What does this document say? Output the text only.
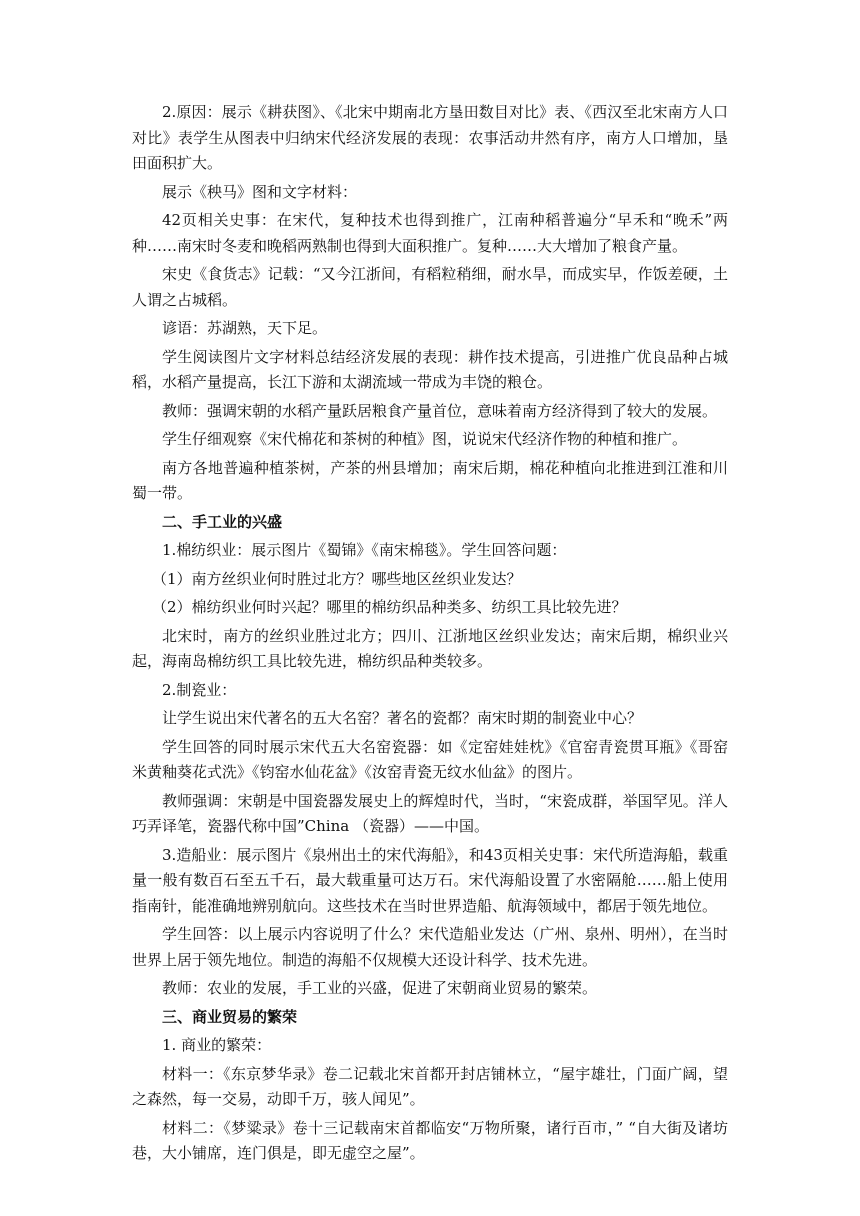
2.原因：展示《耕获图》、《北宋中期南北方垦田数目对比》表、《西汉至北宋南方人口对比》表学生从图表中归纳宋代经济发展的表现：农事活动井然有序，南方人口增加，垦田面积扩大。

展示《秧马》图和文字材料：

42页相关史事：在宋代，复种技术也得到推广，江南种稻普遍分“早禾和“晚禾”两种……南宋时冬麦和晚稻两熟制也得到大面积推广。复种……大大增加了粮食产量。

宋史《食货志》记载：“又今江浙间，有稻粒稍细，耐水旱，而成实早，作饭差硬，土人谓之占城稻。

谚语：苏湖熟，天下足。

学生阅读图片文字材料总结经济发展的表现：耕作技术提高，引进推广优良品种占城稻，水稻产量提高，长江下游和太湖流域一带成为丰饶的粮仓。

教师：强调宋朝的水稻产量跃居粮食产量首位，意味着南方经济得到了较大的发展。

学生仔细观察《宋代棉花和茶树的种植》图，说说宋代经济作物的种植和推广。

南方各地普遍种植茶树，产茶的州县增加；南宋后期，棉花种植向北推进到江淮和川蜀一带。

二、手工业的兴盛

1.棉纺织业：展示图片《蜀锦》《南宋棉毯》。学生回答问题：

（1）南方丝织业何时胜过北方？哪些地区丝织业发达？

（2）棉纺织业何时兴起？哪里的棉纺织品种类多、纺织工具比较先进？

北宋时，南方的丝织业胜过北方；四川、江浙地区丝织业发达；南宋后期，棉织业兴起，海南岛棉纺织工具比较先进，棉纺织品种类较多。

2.制瓷业：

让学生说出宋代著名的五大名窑？著名的瓷都？南宋时期的制瓷业中心？

学生回答的同时展示宋代五大名窑瓷器：如《定窑娃娃枕》《官窑青瓷贯耳瓶》《哥窑米黄釉葵花式洗》《钧窑水仙花盆》《汝窑青瓷无纹水仙盆》的图片。

教师强调：宋朝是中国瓷器发展史上的辉煌时代，当时，“宋瓷成群，举国罕见。洋人巧弄译笔，瓷器代称中国”China （瓷器）——中国。

3.造船业：展示图片《泉州出土的宋代海船》，和43页相关史事：宋代所造海船，载重量一般有数百石至五千石，最大载重量可达万石。宋代海船设置了水密隔舱……船上使用指南针，能准确地辨别航向。这些技术在当时世界造船、航海领域中，都居于领先地位。

学生回答：以上展示内容说明了什么？宋代造船业发达（广州、泉州、明州），在当时世界上居于领先地位。制造的海船不仅规模大还设计科学、技术先进。

教师：农业的发展，手工业的兴盛，促进了宋朝商业贸易的繁荣。

三、商业贸易的繁荣

1. 商业的繁荣：

材料一：《东京梦华录》卷二记载北宋首都开封店铺林立，“屋宇雄壮，门面广阔，望之森然，每一交易，动即千万，骇人闻见”。

材料二：《梦粱录》卷十三记载南宋首都临安“万物所聚，诸行百市，” “自大街及诸坊巷，大小铺席，连门俱是，即无虚空之屋”。
